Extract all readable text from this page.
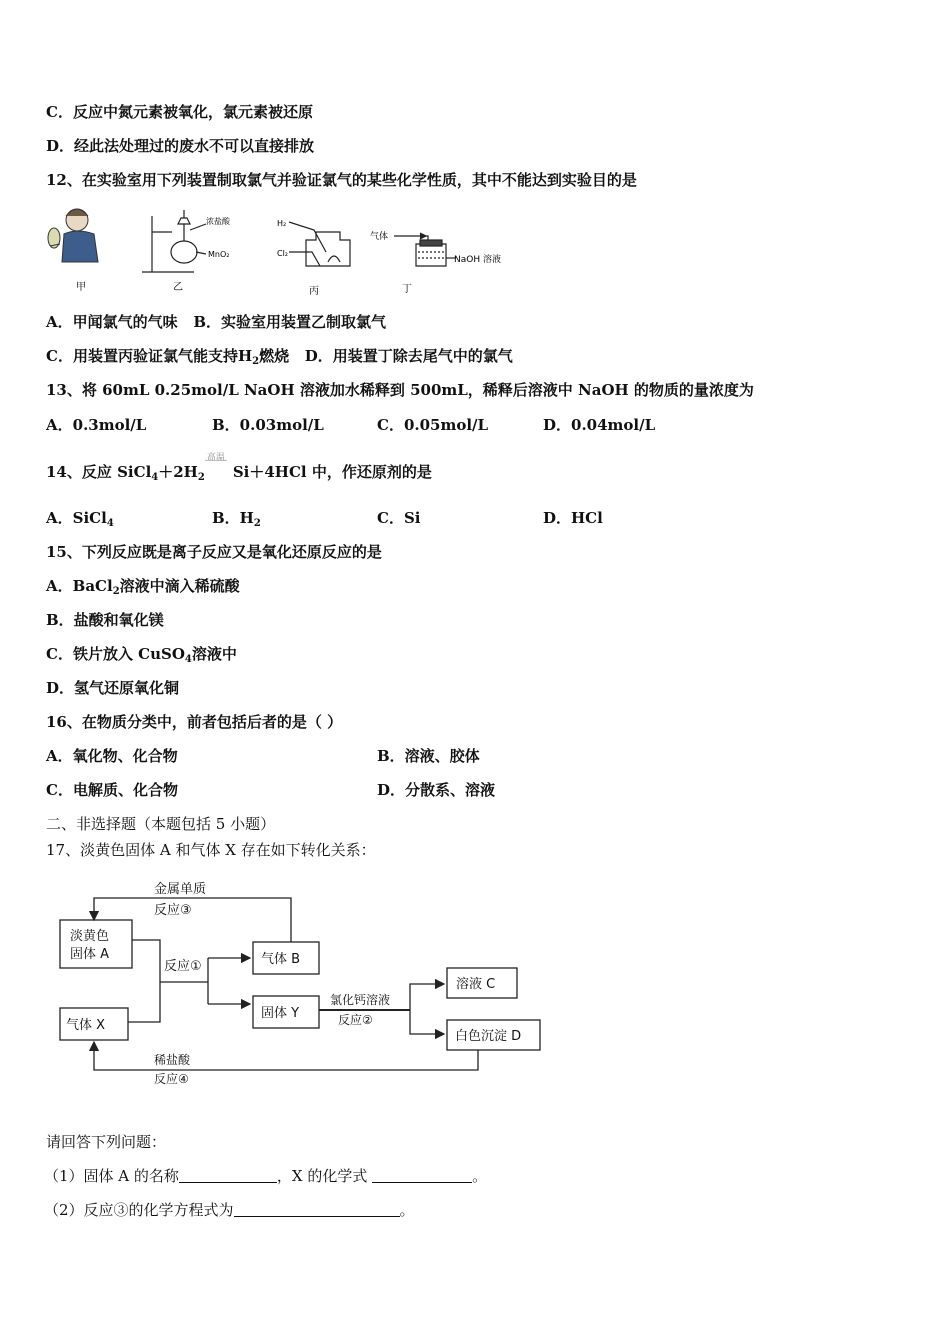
C．反应中氮元素被氧化，氯元素被还原
D．经此法处理过的废水不可以直接排放
12、在实验室用下列装置制取氯气并验证氯气的某些化学性质，其中不能达到实验目的是
甲
浓盐酸
MnO₂
乙
H₂
Cl₂
丙
气体
NaOH 溶液
丁
A．甲闻氯气的气味 B．实验室用装置乙制取氯气
C．用装置丙验证氯气能支持$H_2$燃烧 D．用装置丁除去尾气中的氯气
13、将 60mL 0.25mol/L NaOH 溶液加水稀释到 500mL，稀释后溶液中 NaOH 的物质的量浓度为
A．0.3mol/L	B．0.03mol/L	C．0.05mol/L	D．0.04mol/L
14、反应 $SiCl_4+2H_2$
高温
Si＋4HCl 中，作还原剂的是
A．SiCl$_4$	B．$H_2$	C．Si	D．HCl
15、下列反应既是离子反应又是氧化还原反应的是
A．BaCl$_2$溶液中滴入稀硫酸
B．盐酸和氧化镁
C．铁片放入 CuSO$_4$溶液中
D．氢气还原氧化铜
16、在物质分类中，前者包括后者的是（ ）
A．氧化物、化合物	B．溶液、胶体
C．电解质、化合物	D．分散系、溶液
二、非选择题（本题包括 5 小题）
17、淡黄色固体 A 和气体 X 存在如下转化关系：
金属单质
反应③
淡黄色
固体 A
反应①	气体 B
固体 Y
氯化钙溶液
反应②
溶液 C
白色沉淀 D
气体 X
稀盐酸
反应④
请回答下列问题：
（1）固体 A 的名称	，X 的化学式	。
（2）反应③的化学方程式为	。
